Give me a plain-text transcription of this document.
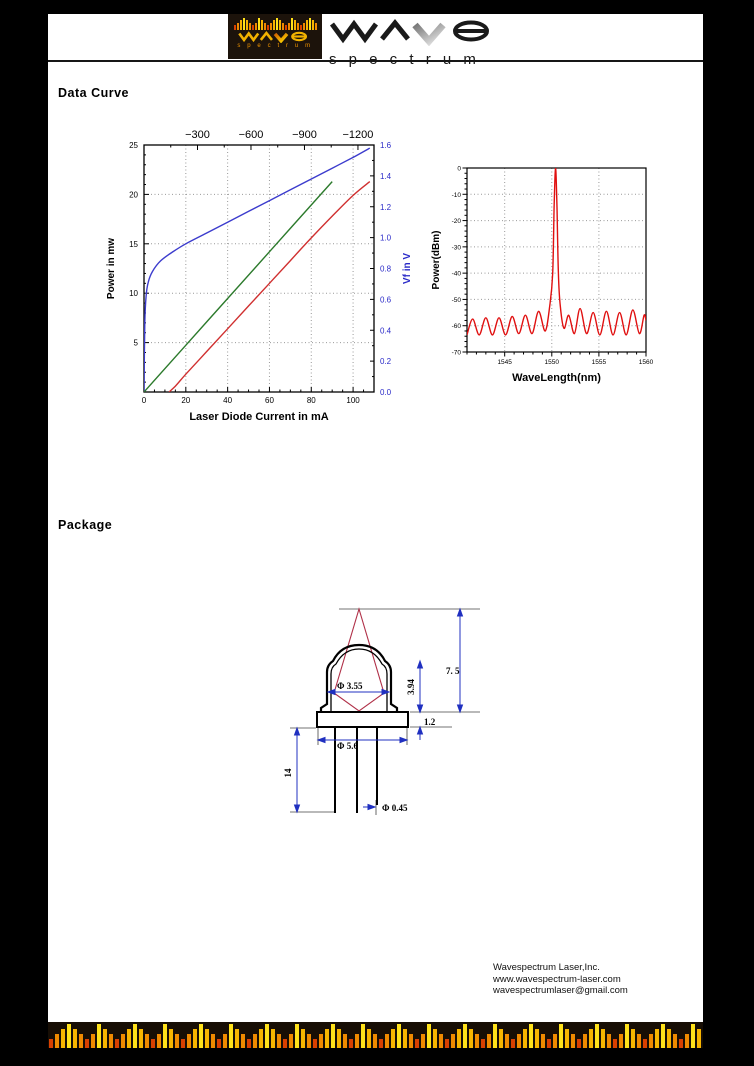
s p e c t r u m
Data Curve
0	20	40	60	80	100
−300	−600	−900 −1200
5
10
15
20
25
0.0
0.2
0.4
0.6
0.8
1.0
1.2
1.4
1.6
Laser Diode Current in mA
Power in mw	Vf in V
1545	1550	1555	1560
0
-10
-20
-30
-40
-50
-60
-70
WaveLength(nm)
Power(dBm)
Package
Φ 3.55	3.94
7. 5
1.2
Φ 5.6
14
Φ 0.45
Wavespectrum Laser,Inc.
www.wavespectrum-laser.com
wavespectrumlaser@gmail.com
